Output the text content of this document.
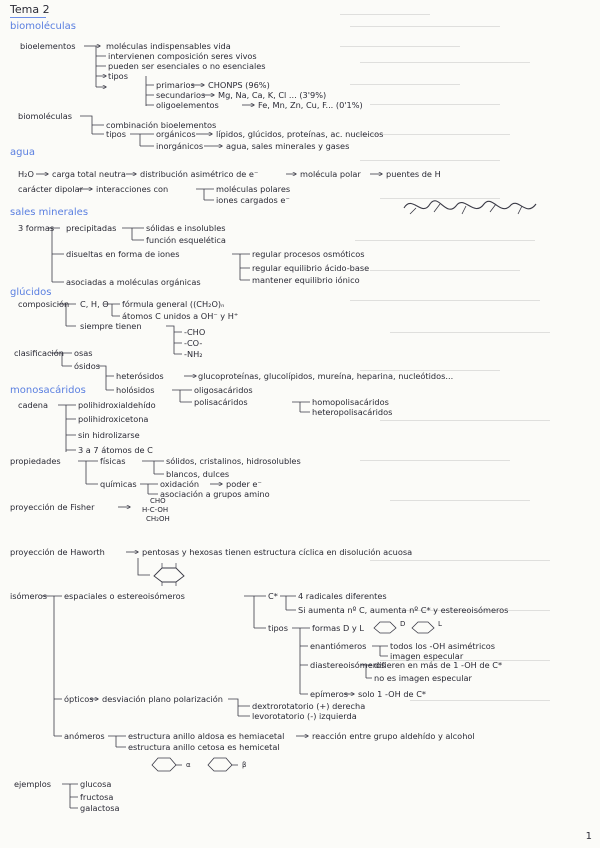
Tema 2
biomoléculas
bioelementos	moléculas indispensables vida
intervienen composición seres vivos
pueden ser esenciales o no esenciales
tipos
primarios CHONPS (96%)
secundarios Mg, Na, Ca, K, Cl ... (3'9%)
oligoelementos	Fe, Mn, Zn, Cu, F... (0'1%)
biomoléculas
combinación bioelementos
tipos	orgánicos lípidos, glúcidos, proteínas, ac. nucleicos
inorgánicos	agua, sales minerales y gases
agua
H₂O carga total neutra distribución asimétrico de e⁻	molécula polar	puentes de H
carácter dipolar interacciones con	moléculas polares
iones cargados e⁻
sales minerales
3 formas precipitadas	sólidas e insolubles
función esquelética
disueltas en forma de iones	regular procesos osmóticos
regular equilibrio ácido-base
mantener equilibrio iónico
asociadas a moléculas orgánicas
glúcidos
composición C, H, O fórmula general ((CH₂O)ₙ
átomos C unidos a OH⁻ y H⁺
siempre tienen
-CHO
-CO-
-NH₂
clasificación osas
ósidos
heterósidos	glucoproteínas, glucolípidos, mureína, heparina, nucleótidos...
holósidos	oligosacáridos
polisacáridos	homopolisacáridos
heteropolisacáridos
monosacáridos
cadena	polihidroxialdehído
polihidroxicetona
sin hidrolizarse
3 a 7 átomos de C
propiedades	físicas	sólidos, cristalinos, hidrosolubles
blancos, dulces
químicas	oxidación	poder e⁻
asociación a grupos amino
proyección de Fisher
CHO
H-C-OH
CH₂OH
proyección de Haworth	pentosas y hexosas tienen estructura cíclica en disolución acuosa
isómeros espaciales o estereoisómeros	C* 4 radicales diferentes
Si aumenta nº C, aumenta nº C* y estereoisómeros
tipos	formas D y L	D	L
enantiómeros	todos los -OH asimétricos
imagen especular
diastereoisómeros
difieren en más de 1 -OH de C*
no es imagen especular
epímeros solo 1 -OH de C*
ópticos desviación plano polarización
dextrorotatorio (+) derecha
levorotatorio (-) izquierda
anómeros	estructura anillo aldosa es hemiacetal	reacción entre grupo aldehído y alcohol
estructura anillo cetosa es hemicetal
α	β
ejemplos	glucosa
fructosa
galactosa
1
